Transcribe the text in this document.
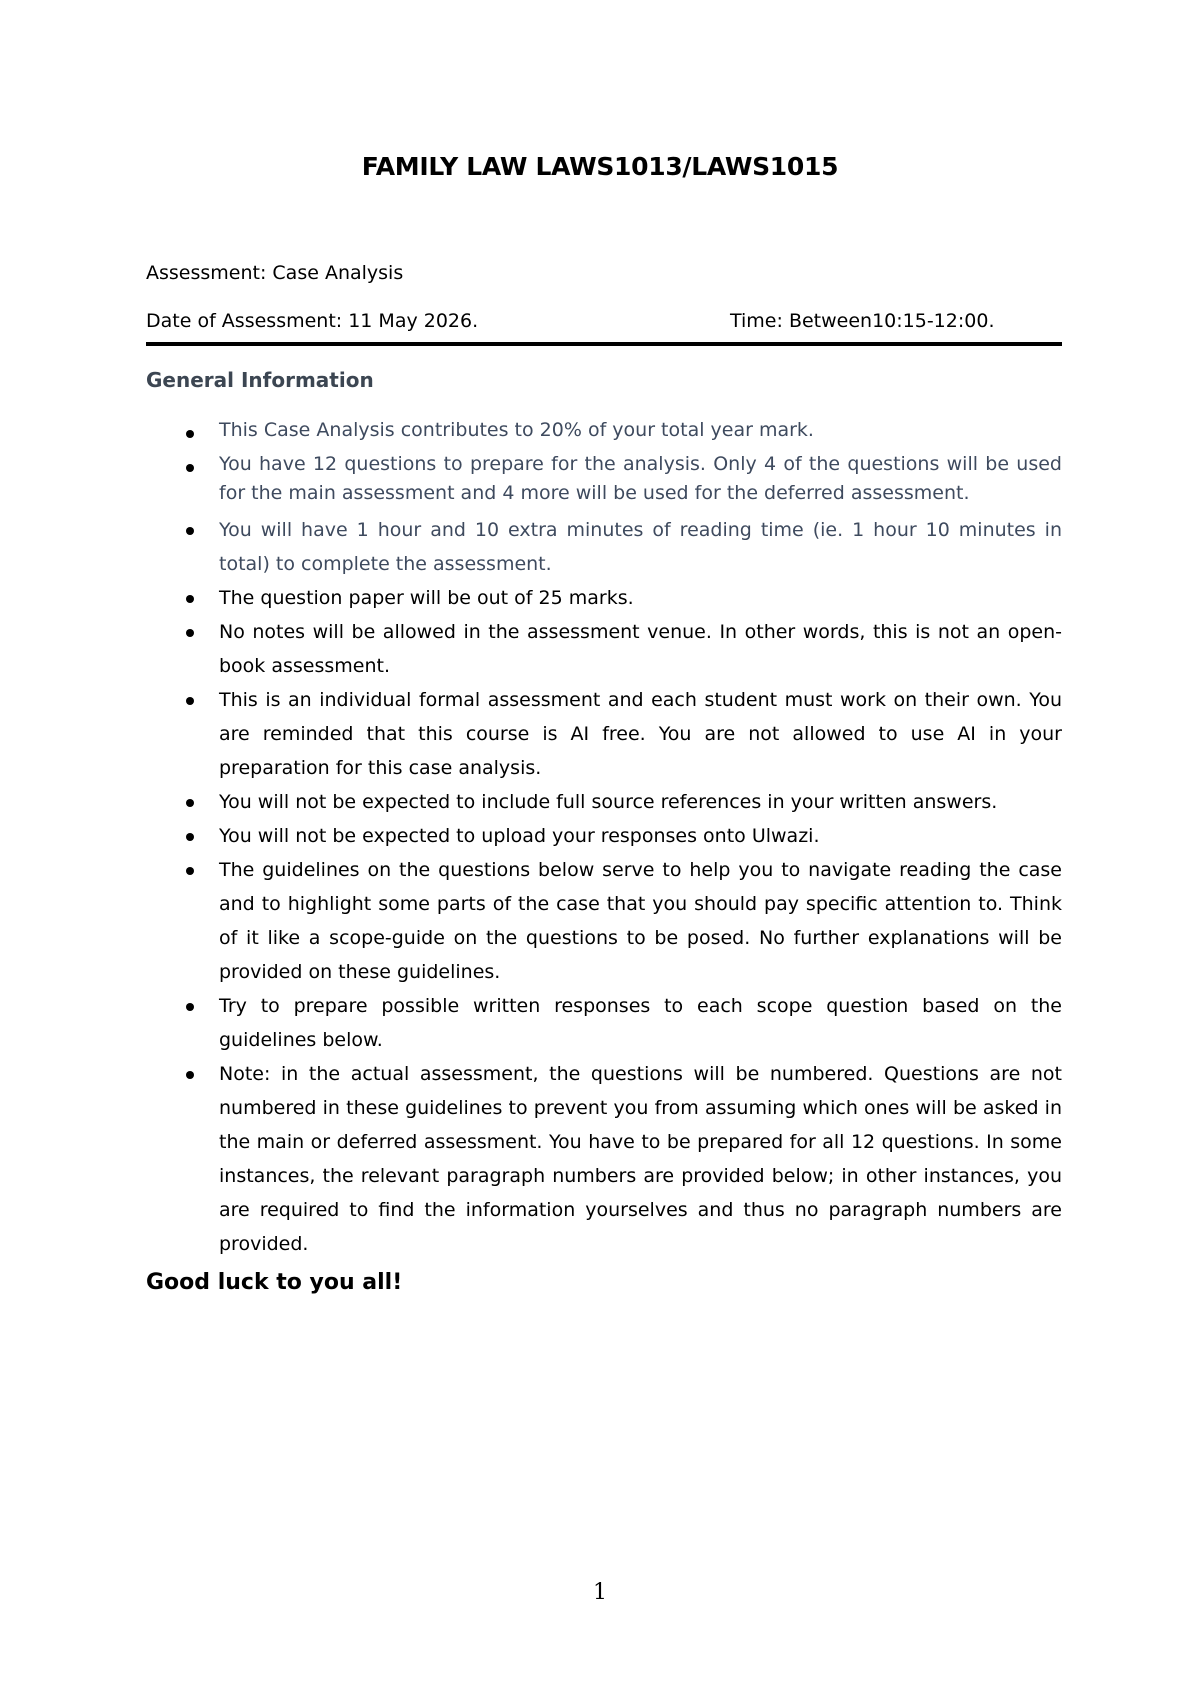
FAMILY LAW LAWS1013/LAWS1015

Assessment: Case Analysis

Date of Assessment: 11 May 2026.	Time: Between10:15-12:00.
General Information
This Case Analysis contributes to 20% of your total year mark.
You have 12 questions to prepare for the analysis. Only 4 of the questions will be used for the main assessment and 4 more will be used for the deferred assessment.
You will have 1 hour and 10 extra minutes of reading time (ie. 1 hour 10 minutes in total) to complete the assessment.
The question paper will be out of 25 marks.
No notes will be allowed in the assessment venue. In other words, this is not an open-book assessment.
This is an individual formal assessment and each student must work on their own. You are reminded that this course is AI free. You are not allowed to use AI in your preparation for this case analysis.
You will not be expected to include full source references in your written answers.
You will not be expected to upload your responses onto Ulwazi.
The guidelines on the questions below serve to help you to navigate reading the case and to highlight some parts of the case that you should pay specific attention to. Think of it like a scope-guide on the questions to be posed. No further explanations will be provided on these guidelines.
Try to prepare possible written responses to each scope question based on the guidelines below.
Note: in the actual assessment, the questions will be numbered. Questions are not numbered in these guidelines to prevent you from assuming which ones will be asked in the main or deferred assessment. You have to be prepared for all 12 questions. In some instances, the relevant paragraph numbers are provided below; in other instances, you are required to find the information yourselves and thus no paragraph numbers are provided.

Good luck to you all!

1
